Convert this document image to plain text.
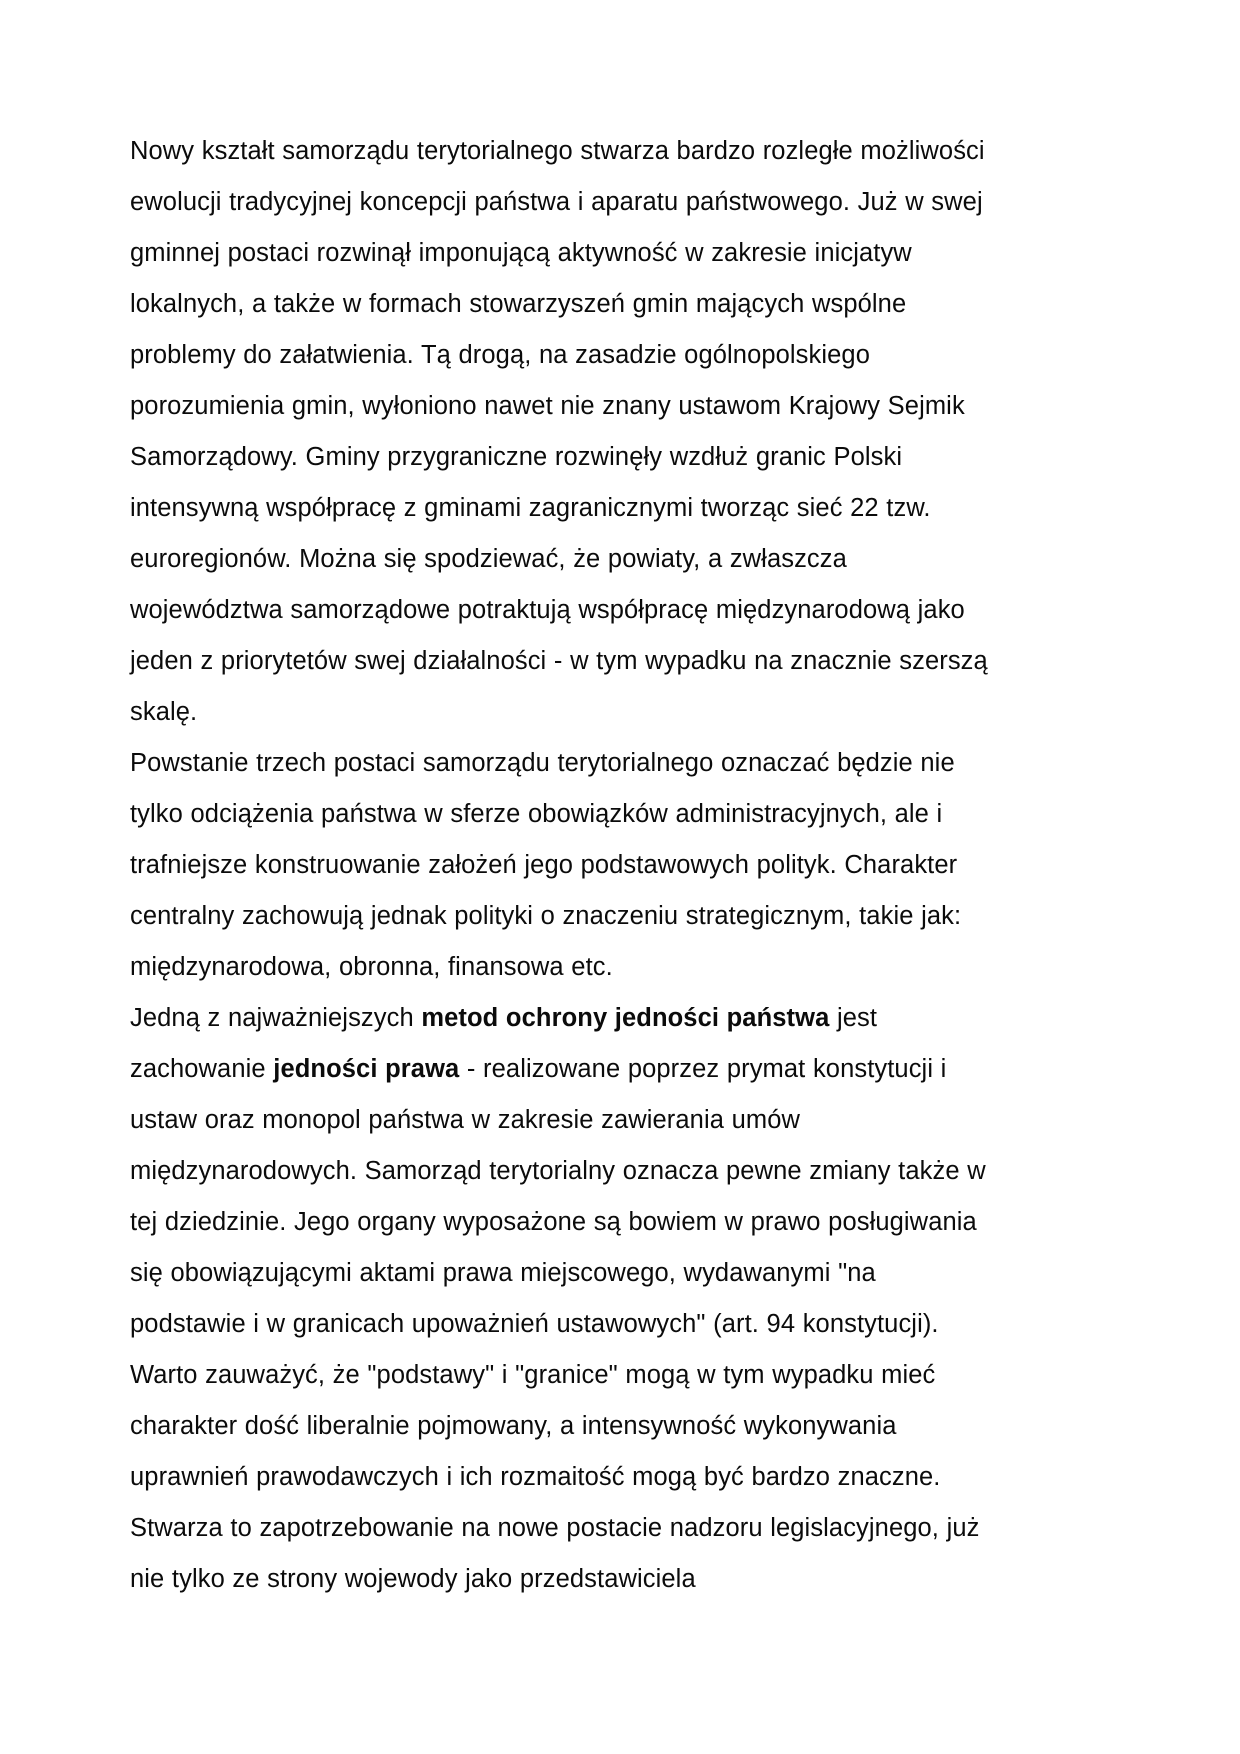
Nowy kształt samorządu terytorialnego stwarza bardzo rozległe możliwości ewolucji tradycyjnej koncepcji państwa i aparatu państwowego. Już w swej gminnej postaci rozwinął imponującą aktywność w zakresie inicjatyw lokalnych, a także w formach stowarzyszeń gmin mających wspólne problemy do załatwienia. Tą drogą, na zasadzie ogólnopolskiego porozumienia gmin, wyłoniono nawet nie znany ustawom Krajowy Sejmik Samorządowy. Gminy przygraniczne rozwinęły wzdłuż granic Polski intensywną współpracę z gminami zagranicznymi tworząc sieć 22 tzw. euroregionów. Można się spodziewać, że powiaty, a zwłaszcza województwa samorządowe potraktują współpracę międzynarodową jako jeden z priorytetów swej działalności - w tym wypadku na znacznie szerszą skalę.

Powstanie trzech postaci samorządu terytorialnego oznaczać będzie nie tylko odciążenia państwa w sferze obowiązków administracyjnych, ale i trafniejsze konstruowanie założeń jego podstawowych polityk. Charakter centralny zachowują jednak polityki o znaczeniu strategicznym, takie jak: międzynarodowa, obronna, finansowa etc.

Jedną z najważniejszych metod ochrony jedności państwa jest zachowanie jedności prawa - realizowane poprzez prymat konstytucji i ustaw oraz monopol państwa w zakresie zawierania umów międzynarodowych. Samorząd terytorialny oznacza pewne zmiany także w tej dziedzinie. Jego organy wyposażone są bowiem w prawo posługiwania się obowiązującymi aktami prawa miejscowego, wydawanymi "na podstawie i w granicach upoważnień ustawowych" (art. 94 konstytucji). Warto zauważyć, że "podstawy" i "granice" mogą w tym wypadku mieć charakter dość liberalnie pojmowany, a intensywność wykonywania uprawnień prawodawczych i ich rozmaitość mogą być bardzo znaczne. Stwarza to zapotrzebowanie na nowe postacie nadzoru legislacyjnego, już nie tylko ze strony wojewody jako przedstawiciela
